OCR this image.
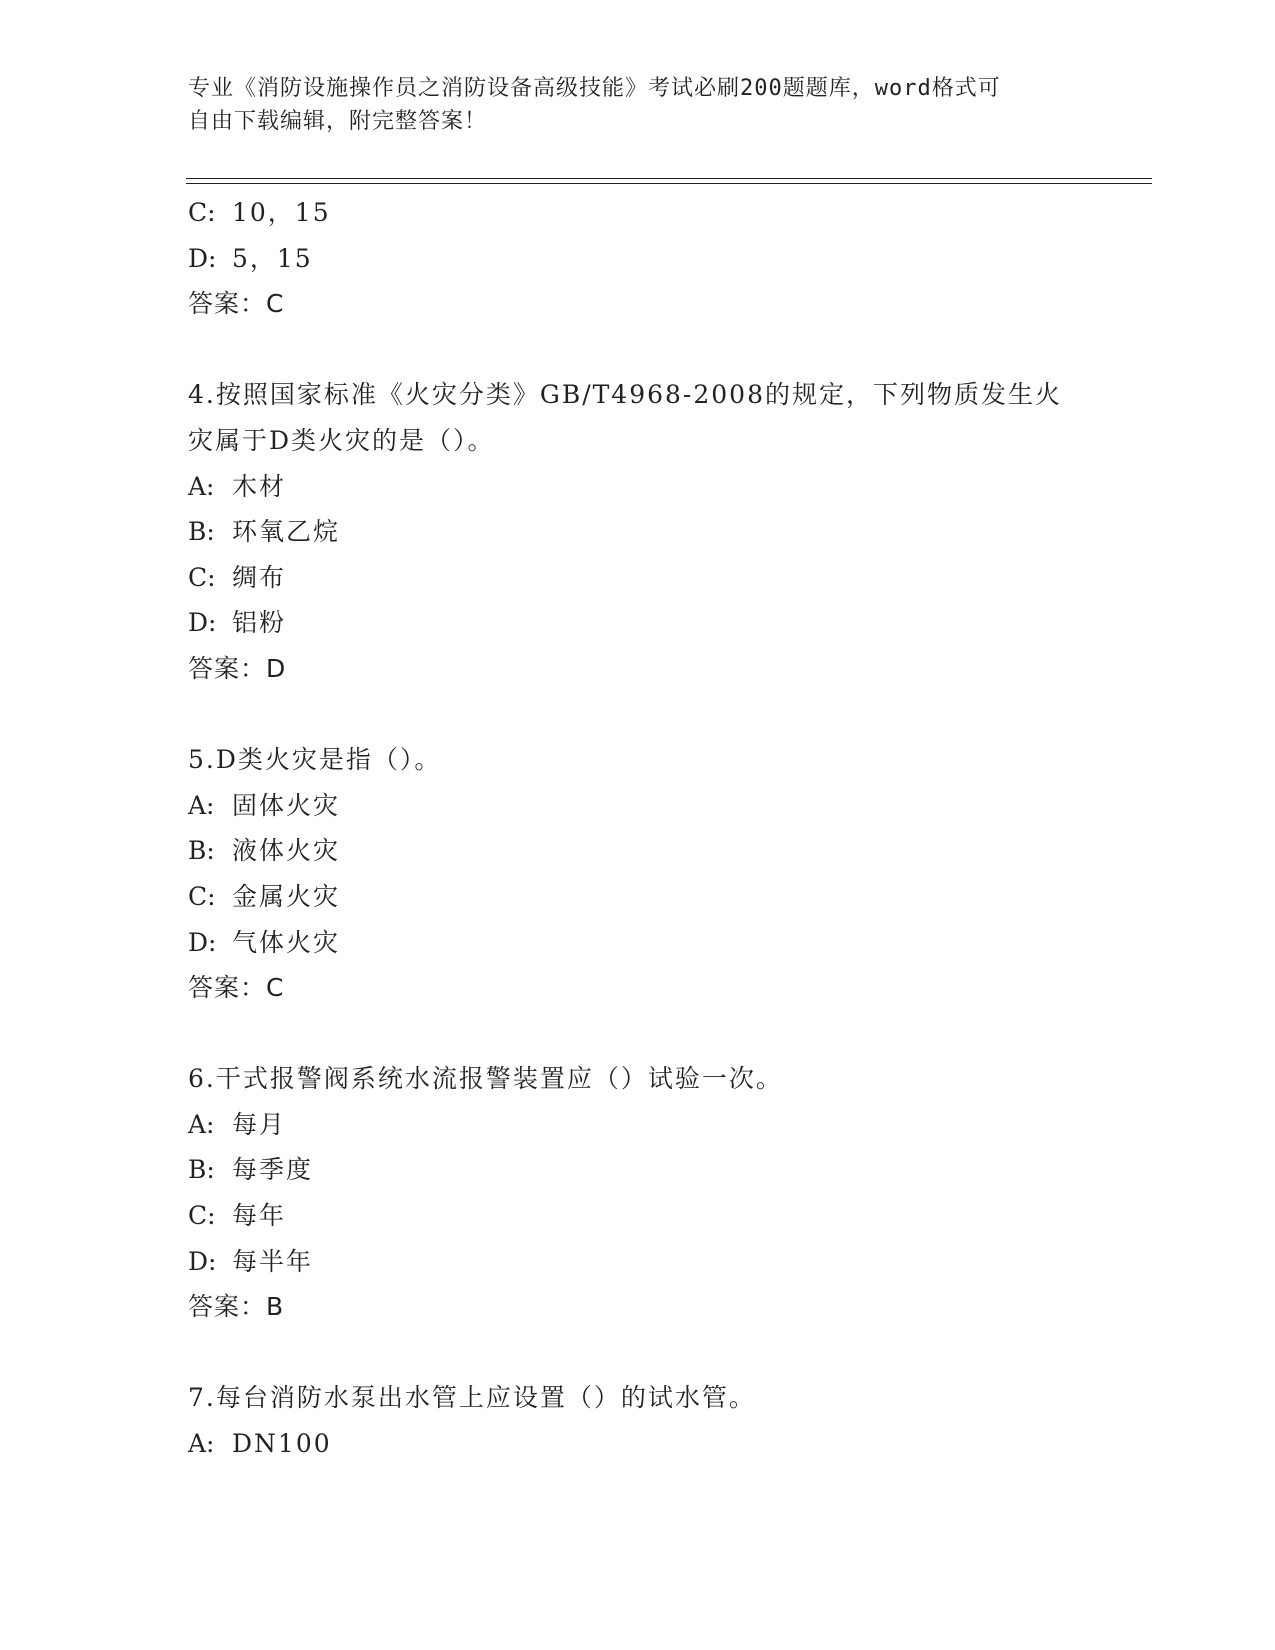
专业《消防设施操作员之消防设备高级技能》考试必刷200题题库，word格式可
自由下载编辑，附完整答案！
C: 10，15
D: 5，15
答案：C
4.按照国家标准《火灾分类》GB/T4968-2008的规定，下列物质发生火
灾属于D类火灾的是（）。
A: 木材
B: 环氧乙烷
C: 绸布
D: 铝粉
答案：D
5.D类火灾是指（）。
A: 固体火灾
B: 液体火灾
C: 金属火灾
D: 气体火灾
答案：C
6.干式报警阀系统水流报警装置应（）试验一次。
A: 每月
B: 每季度
C: 每年
D: 每半年
答案：B
7.每台消防水泵出水管上应设置（）的试水管。
A: DN100
